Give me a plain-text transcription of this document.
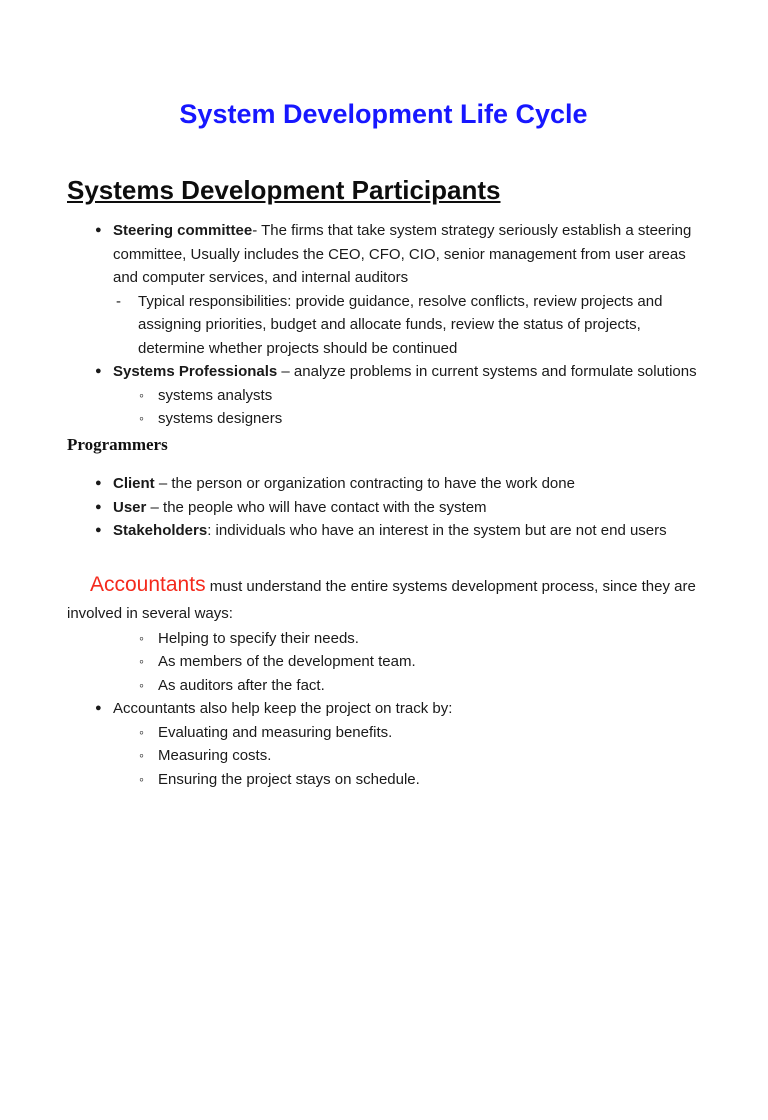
System Development Life Cycle
Systems Development Participants
● Steering committee- The firms that take system strategy seriously establish a steering committee, Usually includes the CEO, CFO, CIO, senior management from user areas and computer services, and internal auditors
-	Typical responsibilities: provide guidance, resolve conflicts, review projects and assigning priorities, budget and allocate funds, review the status of projects, determine whether projects should be continued
● Systems Professionals – analyze problems in current systems and formulate solutions
◦ systems analysts
◦ systems designers

Programmers

● Client – the person or organization contracting to have the work done
● User – the people who will have contact with the system
● Stakeholders: individuals who have an interest in the system but are not end users

Accountants must understand the entire systems development process, since they are involved in several ways:

◦ Helping to specify their needs.
◦ As members of the development team.
◦ As auditors after the fact.
● Accountants also help keep the project on track by:
◦ Evaluating and measuring benefits.
◦ Measuring costs.
◦ Ensuring the project stays on schedule.
